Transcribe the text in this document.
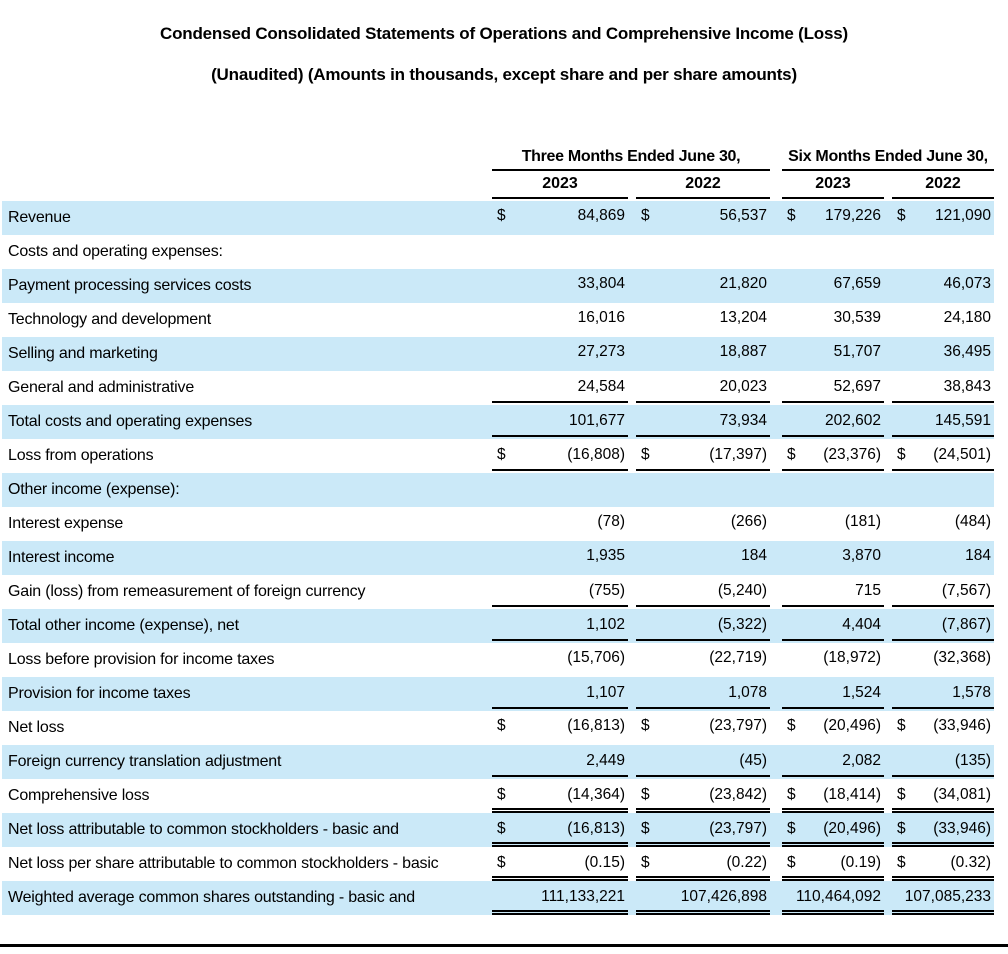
Condensed Consolidated Statements of Operations and Comprehensive Income (Loss)
(Unaudited) (Amounts in thousands, except share and per share amounts)
Three Months Ended June 30,	Six Months Ended June 30,
2023	2022	2023	2022
Revenue	$	84,869	$	56,537	$ 179,226	$ 121,090
Costs and operating expenses:
Payment processing services costs	33,804	21,820	67,659	46,073
Technology and development	16,016	13,204	30,539	24,180
Selling and marketing	27,273	18,887	51,707	36,495
General and administrative	24,584	20,023	52,697	38,843
Total costs and operating expenses	101,677	73,934	202,602	145,591
Loss from operations	$	(16,808)	$	(17,397)	$ (23,376)	$ (24,501)
Other income (expense):
Interest expense	(78)	(266)	(181)	(484)
Interest income	1,935	184	3,870	184
Gain (loss) from remeasurement of foreign currency	(755)	(5,240)	715	(7,567)
Total other income (expense), net	1,102	(5,322)	4,404	(7,867)
Loss before provision for income taxes	(15,706)	(22,719)	(18,972)	(32,368)
Provision for income taxes	1,107	1,078	1,524	1,578
Net loss	$	(16,813)	$	(23,797)	$ (20,496)	$ (33,946)
Foreign currency translation adjustment	2,449	(45)	2,082	(135)
Comprehensive loss	$	(14,364)	$	(23,842)	$ (18,414)	$ (34,081)
Net loss attributable to common stockholders - basic and	$	(16,813)	$	(23,797)	$ (20,496)	$ (33,946)
Net loss per share attributable to common stockholders - basic	$	(0.15)	$	(0.22)	$	(0.19)	$	(0.32)
Weighted average common shares outstanding - basic and	111,133,221	107,426,898 110,464,092 107,085,233
